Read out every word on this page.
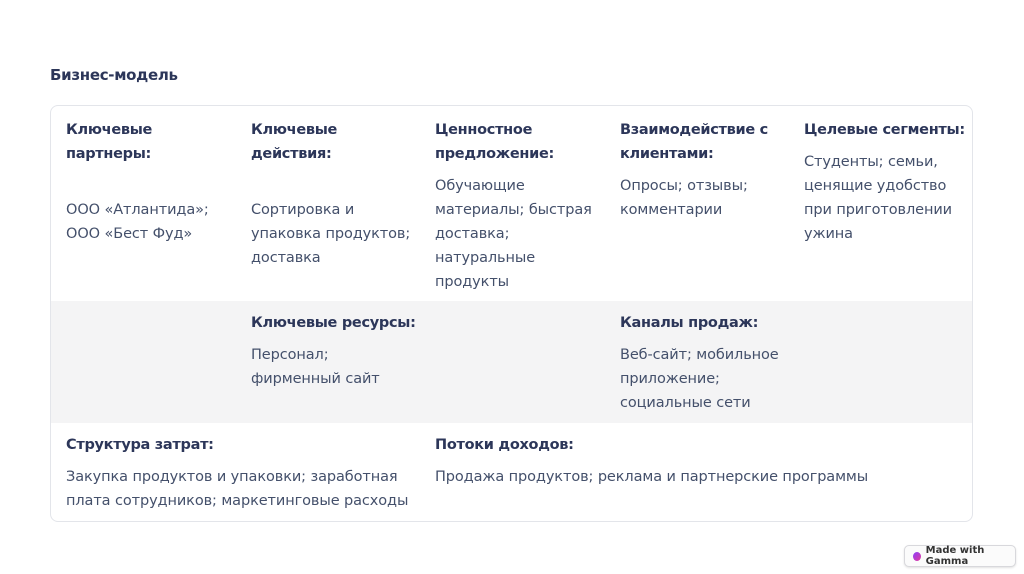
Бизнес-модель
Ключевые партнеры:
ООО «Атлантида»;
ООО «Бест Фуд»
Ключевые действия:
Сортировка и
упаковка продуктов;
доставка
Ценностное
предложение:
Обучающие
материалы; быстрая
доставка;
натуральные
продукты
Взаимодействие с
клиентами:
Опросы; отзывы;
комментарии
Целевые сегменты:
Студенты; семьи,
ценящие удобство
при приготовлении
ужина
Ключевые ресурсы:
Персонал;
фирменный сайт
Каналы продаж:
Веб-сайт; мобильное
приложение;
социальные сети
Структура затрат:
Закупка продуктов и упаковки; заработная
плата сотрудников; маркетинговые расходы
Потоки доходов:
Продажа продуктов; реклама и партнерские программы
Made with Gamma
